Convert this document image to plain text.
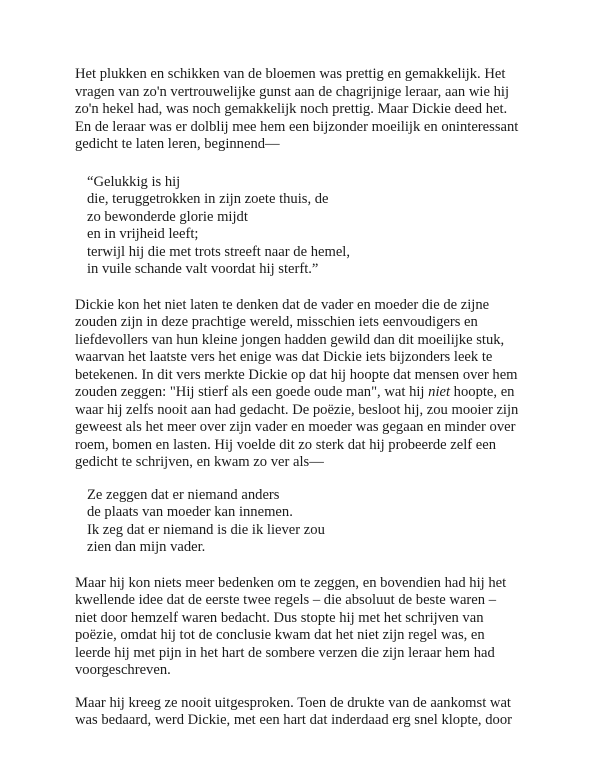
Het plukken en schikken van de bloemen was prettig en gemakkelijk. Het
vragen van zo'n vertrouwelijke gunst aan de chagrijnige leraar, aan wie hij
zo'n hekel had, was noch gemakkelijk noch prettig. Maar Dickie deed het.
En de leraar was er dolblij mee hem een bijzonder moeilijk en oninteressant
gedicht te laten leren, beginnend—

“Gelukkig is hij
die, teruggetrokken in zijn zoete thuis, de
zo bewonderde glorie mijdt
en in vrijheid leeft;
terwijl hij die met trots streeft naar de hemel,
in vuile schande valt voordat hij sterft.”

Dickie kon het niet laten te denken dat de vader en moeder die de zijne
zouden zijn in deze prachtige wereld, misschien iets eenvoudigers en
liefdevollers van hun kleine jongen hadden gewild dan dit moeilijke stuk,
waarvan het laatste vers het enige was dat Dickie iets bijzonders leek te
betekenen. In dit vers merkte Dickie op dat hij hoopte dat mensen over hem
zouden zeggen: "Hij stierf als een goede oude man", wat hij niet hoopte, en
waar hij zelfs nooit aan had gedacht. De poëzie, besloot hij, zou mooier zijn
geweest als het meer over zijn vader en moeder was gegaan en minder over
roem, bomen en lasten. Hij voelde dit zo sterk dat hij probeerde zelf een
gedicht te schrijven, en kwam zo ver als—

Ze zeggen dat er niemand anders
de plaats van moeder kan innemen.
Ik zeg dat er niemand is die ik liever zou
zien dan mijn vader.

Maar hij kon niets meer bedenken om te zeggen, en bovendien had hij het
kwellende idee dat de eerste twee regels – die absoluut de beste waren –
niet door hemzelf waren bedacht. Dus stopte hij met het schrijven van
poëzie, omdat hij tot de conclusie kwam dat het niet zijn regel was, en
leerde hij met pijn in het hart de sombere verzen die zijn leraar hem had
voorgeschreven.

Maar hij kreeg ze nooit uitgesproken. Toen de drukte van de aankomst wat
was bedaard, werd Dickie, met een hart dat inderdaad erg snel klopte, door
